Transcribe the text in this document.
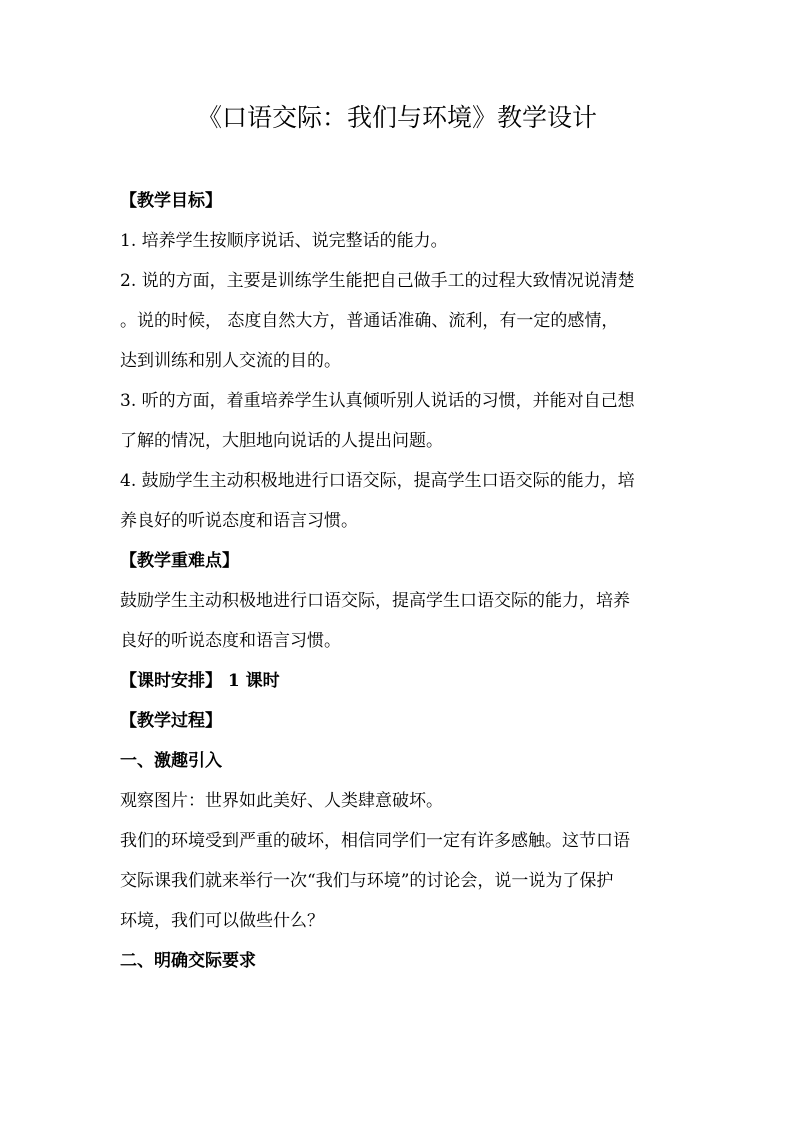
《口语交际：我们与环境》教学设计
【教学目标】
1. 培养学生按顺序说话、说完整话的能力。
2. 说的方面，主要是训练学生能把自己做手工的过程大致情况说清楚
。说的时候， 态度自然大方，普通话准确、流利，有一定的感情，
达到训练和别人交流的目的。
3. 听的方面，着重培养学生认真倾听别人说话的习惯，并能对自己想
了解的情况，大胆地向说话的人提出问题。
4. 鼓励学生主动积极地进行口语交际，提高学生口语交际的能力，培
养良好的听说态度和语言习惯。
【教学重难点】
鼓励学生主动积极地进行口语交际，提高学生口语交际的能力，培养
良好的听说态度和语言习惯。
【课时安排】 1 课时
【教学过程】
一、激趣引入
观察图片：世界如此美好、人类肆意破坏。
我们的环境受到严重的破坏，相信同学们一定有许多感触。这节口语
交际课我们就来举行一次“我们与环境”的讨论会，说一说为了保护
环境，我们可以做些什么？
二、明确交际要求
